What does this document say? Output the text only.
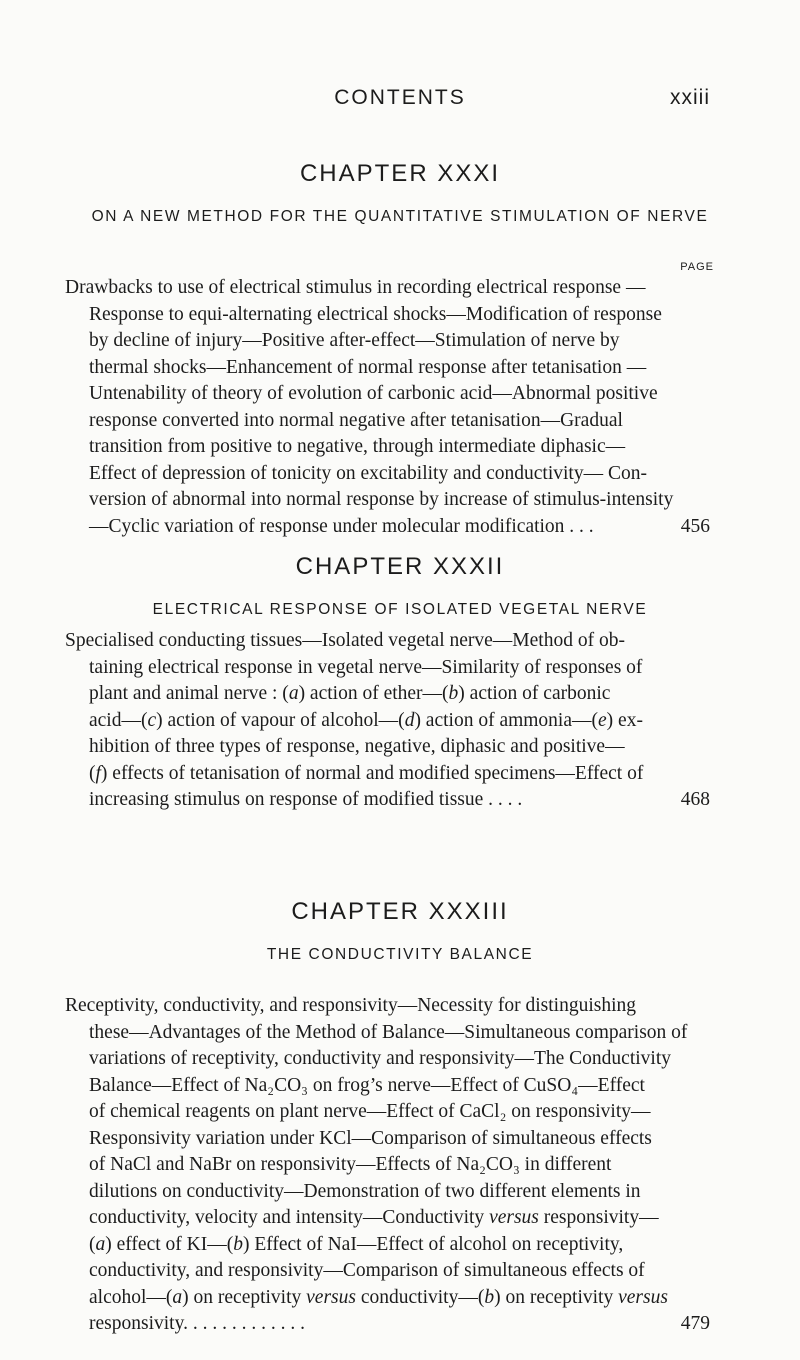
CONTENTS	xxiii
CHAPTER XXXI
ON A NEW METHOD FOR THE QUANTITATIVE STIMULATION OF NERVE
PAGE
Drawbacks to use of electrical stimulus in recording electrical response —
Response to equi-alternating electrical shocks—Modification of response
by decline of injury—Positive after-effect—Stimulation of nerve by
thermal shocks—Enhancement of normal response after tetanisation —
Untenability of theory of evolution of carbonic acid—Abnormal positive
response converted into normal negative after tetanisation—Gradual
transition from positive to negative, through intermediate diphasic—
Effect of depression of tonicity on excitability and conductivity— Con-
version of abnormal into normal response by increase of stimulus-intensity
—Cyclic variation of response under molecular modification . . .	456
CHAPTER XXXII
ELECTRICAL RESPONSE OF ISOLATED VEGETAL NERVE
Specialised conducting tissues—Isolated vegetal nerve—Method of ob-
taining electrical response in vegetal nerve—Similarity of responses of
plant and animal nerve : (a) action of ether—(b) action of carbonic
acid—(c) action of vapour of alcohol—(d) action of ammonia—(e) ex-
hibition of three types of response, negative, diphasic and positive—
(f) effects of tetanisation of normal and modified specimens—Effect of
increasing stimulus on response of modified tissue . . . .	468
CHAPTER XXXIII
THE CONDUCTIVITY BALANCE
Receptivity, conductivity, and responsivity—Necessity for distinguishing
these—Advantages of the Method of Balance—Simultaneous comparison of
variations of receptivity, conductivity and responsivity—The Conductivity
Balance—Effect of Na₂CO₃ on frog’s nerve—Effect of CuSO₄—Effect
of chemical reagents on plant nerve—Effect of CaCl₂ on responsivity—
Responsivity variation under KCl—Comparison of simultaneous effects
of NaCl and NaBr on responsivity—Effects of Na₂CO₃ in different
dilutions on conductivity—Demonstration of two different elements in
conductivity, velocity and intensity—Conductivity versus responsivity—
(a) effect of KI—(b) Effect of NaI—Effect of alcohol on receptivity,
conductivity, and responsivity—Comparison of simultaneous effects of
alcohol—(a) on receptivity versus conductivity—(b) on receptivity versus
responsivity. . . . . . . . . . . . .	479
